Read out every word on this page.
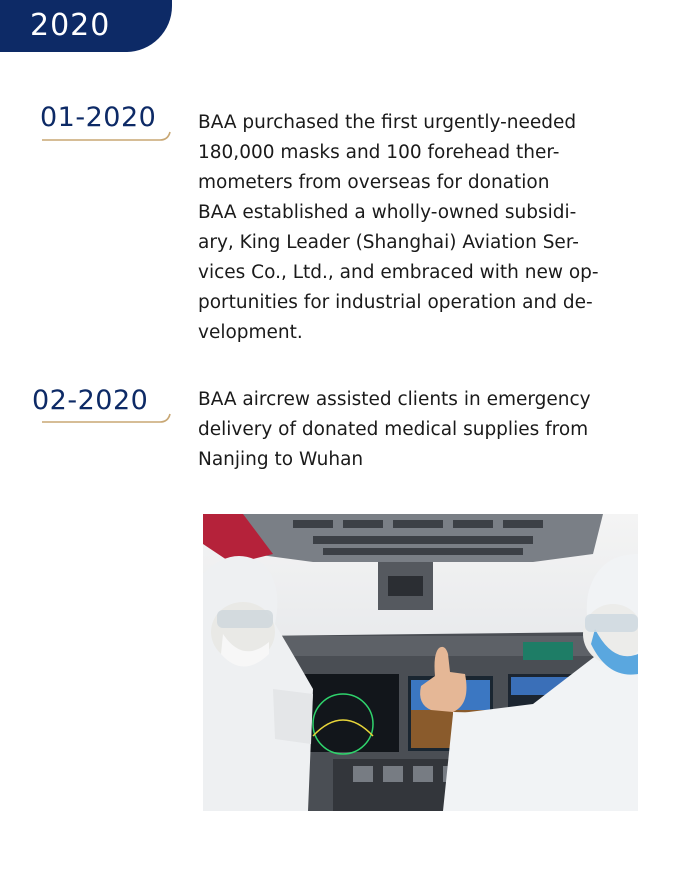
2020
01-2020 BAA purchased the first urgently-needed
180,000 masks and 100 forehead ther-
mometers from overseas for donation

BAA established a wholly-owned subsidi-
ary, King Leader (Shanghai) Aviation Ser-
vices Co., Ltd., and embraced with new op-
portunities for industrial operation and de-
velopment.

02-2020	BAA aircrew assisted clients in emergency
delivery of donated medical supplies from
Nanjing to Wuhan
